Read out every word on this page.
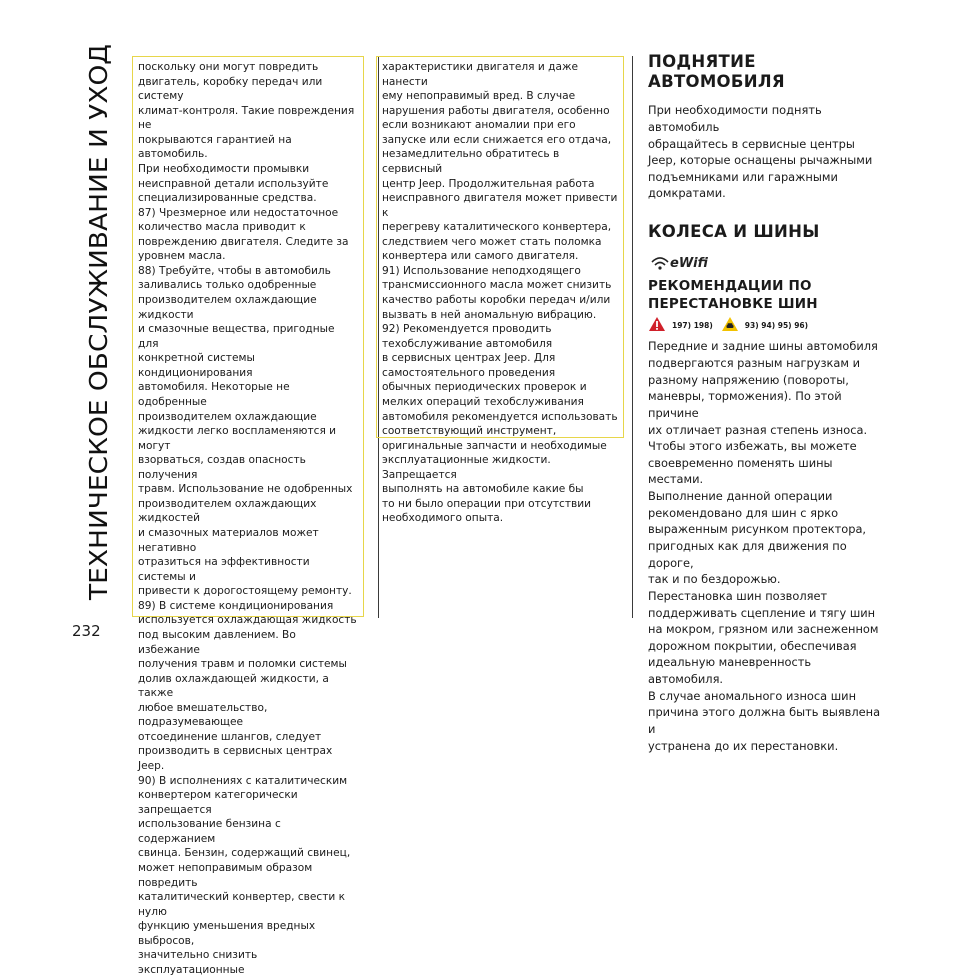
ТЕХНИЧЕСКОЕ ОБСЛУЖИВАНИЕ И УХОД
232

поскольку они могут повредить

двигатель, коробку передач или систему

климат-контроля. Такие повреждения не

покрываются гарантией на автомобиль.

При необходимости промывки

неисправной детали используйте

специализированные средства.

87) Чрезмерное или недостаточное

количество масла приводит к

повреждению двигателя. Следите за

уровнем масла.

88) Требуйте, чтобы в автомобиль

заливались только одобренные

производителем охлаждающие жидкости

и смазочные вещества, пригодные для

конкретной системы кондиционирования

автомобиля. Некоторые не одобренные

производителем охлаждающие

жидкости легко воспламеняются и могут

взорваться, создав опасность получения

травм. Использование не одобренных

производителем охлаждающих жидкостей

и смазочных материалов может негативно

отразиться на эффективности системы и

привести к дорогостоящему ремонту.

89) В системе кондиционирования

используется охлаждающая жидкость

под высоким давлением. Во избежание

получения травм и поломки системы

долив охлаждающей жидкости, а также

любое вмешательство, подразумевающее

отсоединение шлангов, следует

производить в сервисных центрах Jeep.

90) В исполнениях с каталитическим

конвертером категорически запрещается

использование бензина с содержанием

свинца. Бензин, содержащий свинец,

может непоправимым образом повредить

каталитический конвертер, свести к нулю

функцию уменьшения вредных выбросов,

значительно снизить эксплуатационные

характеристики двигателя и даже нанести

ему непоправимый вред. В случае

нарушения работы двигателя, особенно

если возникают аномалии при его

запуске или если снижается его отдача,

незамедлительно обратитесь в сервисный

центр Jeep. Продолжительная работа

неисправного двигателя может привести к

перегреву каталитического конвертера,

следствием чего может стать поломка

конвертера или самого двигателя.

91) Использование неподходящего

трансмиссионного масла может снизить

качество работы коробки передач и/или

вызвать в ней аномальную вибрацию.

92) Рекомендуется проводить

техобслуживание автомобиля

в сервисных центрах Jeep. Для

самостоятельного проведения

обычных периодических проверок и

мелких операций техобслуживания

автомобиля рекомендуется использовать

соответствующий инструмент,

оригинальные запчасти и необходимые

эксплуатационные жидкости. Запрещается

выполнять на автомобиле какие бы

то ни было операции при отсутствии

необходимого опыта.

ПОДНЯТИЕ
АВТОМОБИЛЯ

При необходимости поднять автомобиль
обращайтесь в сервисные центры
Jeep, которые оснащены рычажными
подъемниками или гаражными
домкратами.

КОЛЕСА И ШИНЫ
eWifi
РЕКОМЕНДАЦИИ ПО
ПЕРЕСТАНОВКЕ ШИН
197) 198)	93) 94) 95) 96)

Передние и задние шины автомобиля
подвергаются разным нагрузкам и
разному напряжению (повороты,
маневры, торможения). По этой причине
их отличает разная степень износа.

Чтобы этого избежать, вы можете
своевременно поменять шины местами.
Выполнение данной операции
рекомендовано для шин с ярко
выраженным рисунком протектора,
пригодных как для движения по дороге,
так и по бездорожью.

Перестановка шин позволяет
поддерживать сцепление и тягу шин
на мокром, грязном или заснеженном
дорожном покрытии, обеспечивая
идеальную маневренность автомобиля.

В случае аномального износа шин
причина этого должна быть выявлена и
устранена до их перестановки.
